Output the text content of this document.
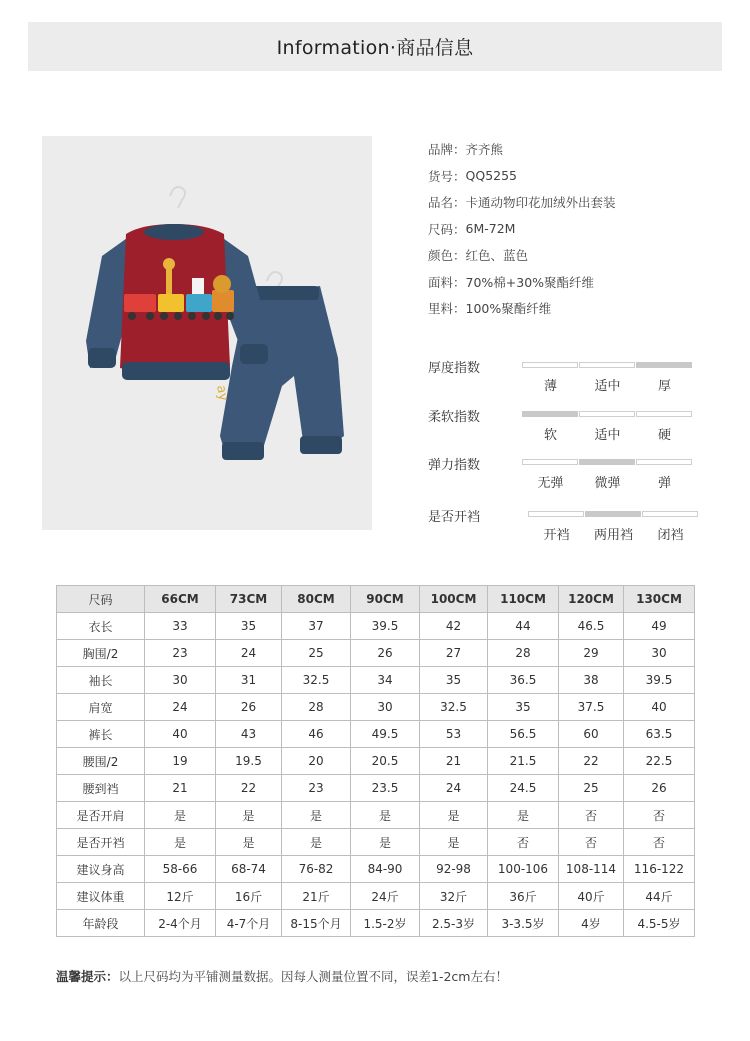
Information·商品信息
ay
品牌： 齐齐熊
货号： QQ5255
品名： 卡通动物印花加绒外出套装
尺码： 6M-72M
颜色： 红色、蓝色
面料： 70%棉+30%聚酯纤维
里料： 100%聚酯纤维
厚度指数
薄	适中	厚
柔软指数
软	适中	硬
弹力指数
无弹	微弹	弹
是否开裆
开裆	两用裆	闭裆
尺码	66CM	73CM	80CM	90CM	100CM	110CM	120CM	130CM
衣长	33	35	37	39.5	42	44	46.5	49
胸围/2	23	24	25	26	27	28	29	30
袖长	30	31	32.5	34	35	36.5	38	39.5
肩宽	24	26	28	30	32.5	35	37.5	40
裤长	40	43	46	49.5	53	56.5	60	63.5
腰围/2	19	19.5	20	20.5	21	21.5	22	22.5
腰到裆	21	22	23	23.5	24	24.5	25	26
是否开肩	是	是	是	是	是	是	否	否
是否开裆	是	是	是	是	是	否	否	否
建议身高	58-66	68-74	76-82	84-90	92-98	100-106	108-114	116-122
建议体重	12斤	16斤	21斤	24斤	32斤	36斤	40斤	44斤
年龄段	2-4个月	4-7个月	8-15个月	1.5-2岁	2.5-3岁	3-3.5岁	4岁	4.5-5岁
温馨提示：以上尺码均为平铺测量数据。因每人测量位置不同，误差1-2cm左右！
